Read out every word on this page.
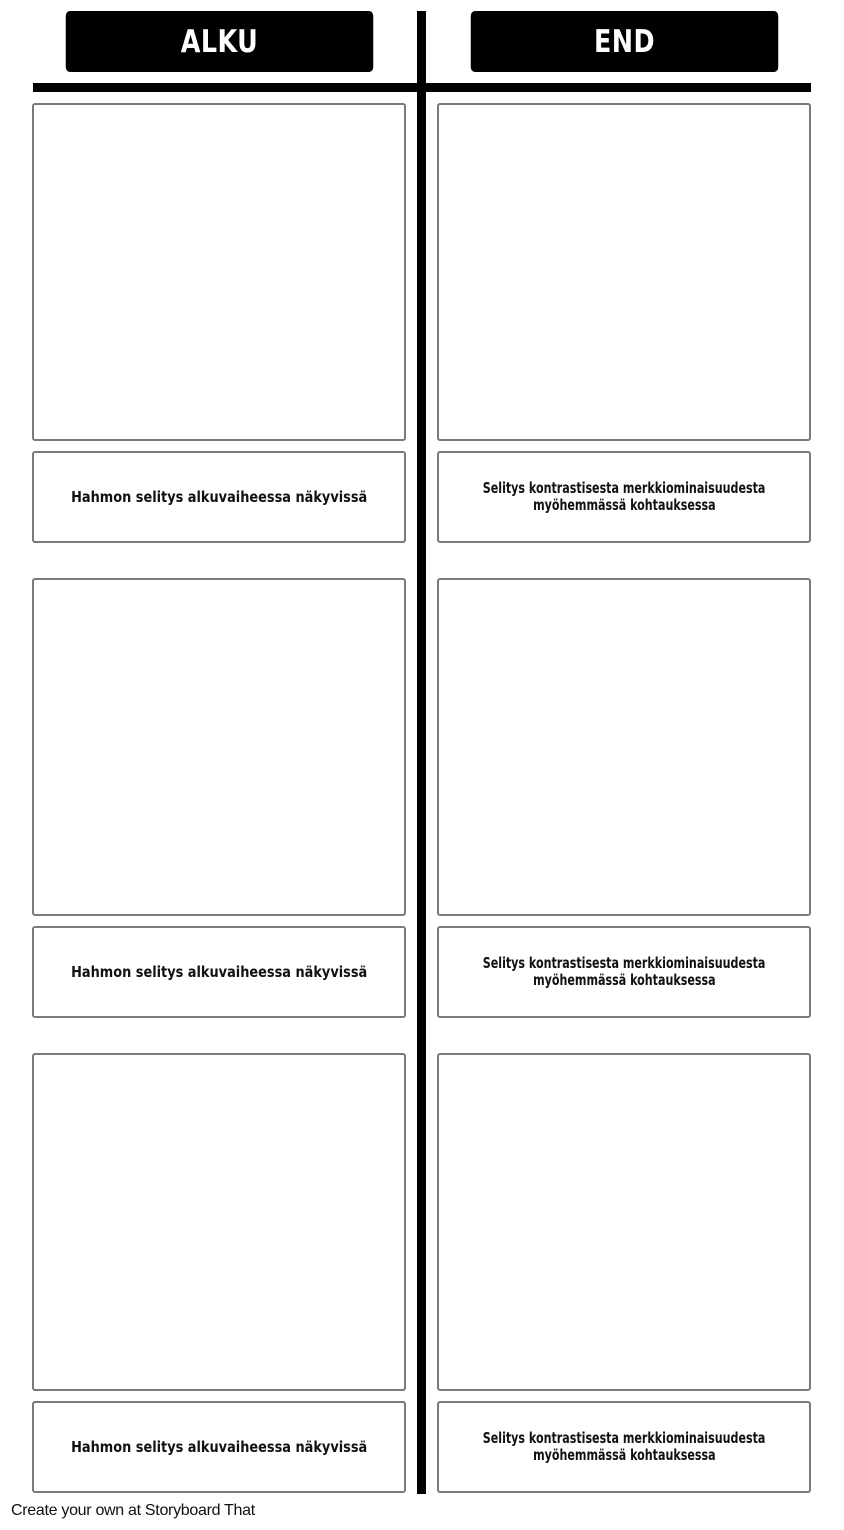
ALKU	END
Hahmon selitys alkuvaiheessa näkyvissä	Selitys kontrastisesta merkkiominaisuudesta
myöhemmässä kohtauksessa
Hahmon selitys alkuvaiheessa näkyvissä	Selitys kontrastisesta merkkiominaisuudesta
myöhemmässä kohtauksessa
Hahmon selitys alkuvaiheessa näkyvissä	Selitys kontrastisesta merkkiominaisuudesta
myöhemmässä kohtauksessa
Create your own at Storyboard That
